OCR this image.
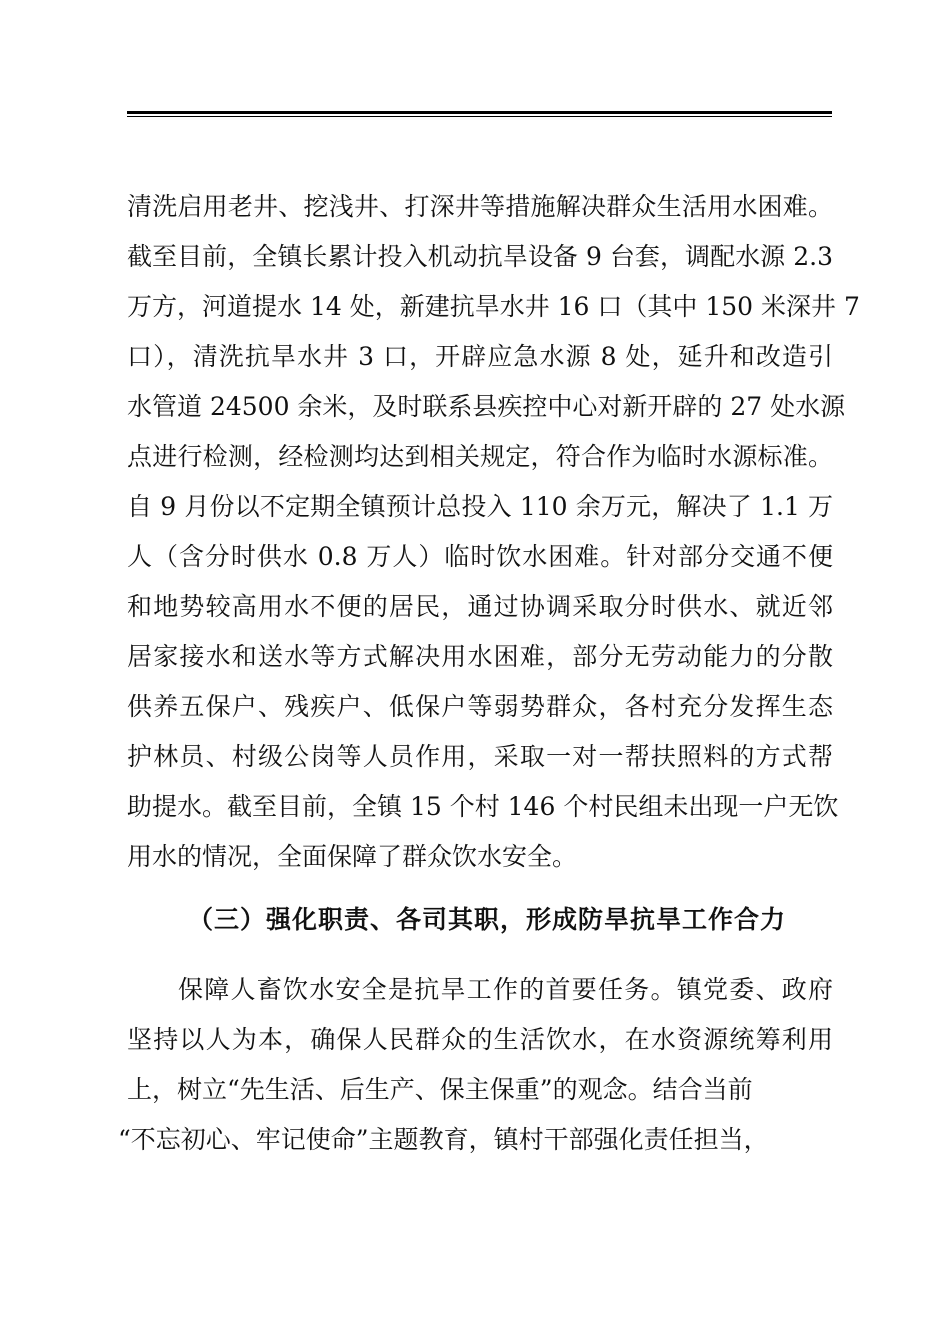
清洗启用老井、挖浅井、打深井等措施解决群众生活用水困难。
截至目前，全镇长累计投入机动抗旱设备 9 台套，调配水源 2.3
万方，河道提水 14 处，新建抗旱水井 16 口（其中 150 米深井 7
口），清洗抗旱水井 3 口，开辟应急水源 8 处，延升和改造引
水管道 24500 余米，及时联系县疾控中心对新开辟的 27 处水源
点进行检测，经检测均达到相关规定，符合作为临时水源标准。
自 9 月份以不定期全镇预计总投入 110 余万元，解决了 1.1 万
人（含分时供水 0.8 万人）临时饮水困难。针对部分交通不便
和地势较高用水不便的居民，通过协调采取分时供水、就近邻
居家接水和送水等方式解决用水困难，部分无劳动能力的分散
供养五保户、残疾户、低保户等弱势群众，各村充分发挥生态
护林员、村级公岗等人员作用，采取一对一帮扶照料的方式帮
助提水。截至目前，全镇 15 个村 146 个村民组未出现一户无饮
用水的情况，全面保障了群众饮水安全。
（三）强化职责、各司其职，形成防旱抗旱工作合力
保障人畜饮水安全是抗旱工作的首要任务。镇党委、政府
坚持以人为本，确保人民群众的生活饮水，在水资源统筹利用
上，树立“先生活、后生产、保主保重”的观念。结合当前
“不忘初心、牢记使命”主题教育，镇村干部强化责任担当，
